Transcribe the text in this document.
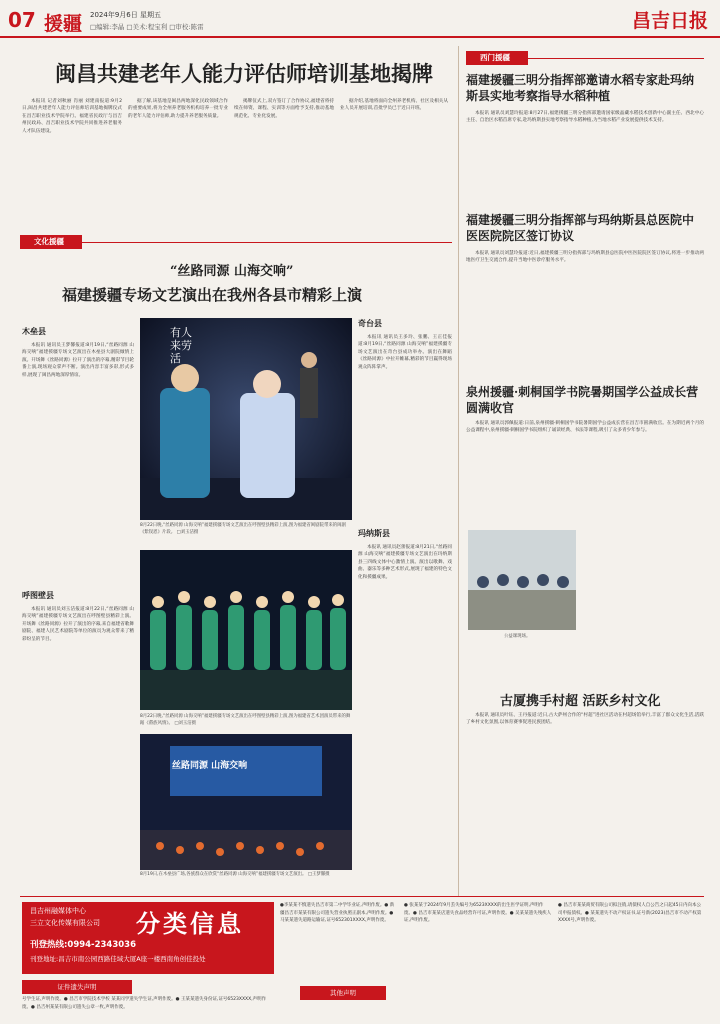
07 援疆 2024年9月6日 星期五
□编辑:李晶 □美术:程宝利 □审校:陈雷	昌吉日报
闽昌共建老年人能力评估师培训基地揭牌
本报讯 记者刘秋丽 肖丽 刘建南报道:9月2日,闽昌共建老年人能力评估师培训基地揭牌仪式在昌吉职业技术学院举行。福建省民政厅与昌吉州民政局、昌吉职业技术学院共同推进养老服务人才队伍建设。
据了解,该基地是闽昌两地深化民政领域合作的重要成果,将为全州养老服务机构培养一批专业的老年人能力评估师,助力提升养老服务质量。
揭牌仪式上,双方签订了合作协议,福建省将持续在师资、课程、实训等方面给予支持,推动基地规范化、专业化发展。
据介绍,基地将面向全州养老机构、社区及相关从业人员开展培训,首批学员已于近日开班。
文化援疆
“丝路同源 山海交响”
福建援疆专场文艺演出在我州各县市精彩上演
木垒县
本报讯 通讯员王梦馨报道:8月19日,“丝路同源 山海交响”福建援疆专场文艺演出在木垒县大剧院倾情上演。开场舞《丝路同源》拉开了演出的序幕,精彩节目轮番上演,现场观众掌声不断。演出内容丰富多彩,形式多样,展现了闽昌两地深厚情谊。
呼图壁县
本报讯 通讯员刘玉洁报道:8月22日,“丝路同源 山海交响”福建援疆专场文艺演出在呼图壁县精彩上演。开场舞《丝路同源》拉开了演出的序幕,来自福建省歌舞剧院、福建人民艺术剧院等单位的演员为观众带来了精彩纷呈的节目。
有人来劳活
8月22日晚,“丝路同源 山海交响”福建援疆专场文艺演出在呼图壁县精彩上演,图为福建省闽剧院带来的闽剧《紫钗恩》片段。 □刘玉洁摄
8月22日晚,“丝路同源 山海交响”福建援疆专场文艺演出在呼图壁县精彩上演,图为福建省艺术团演员带来的舞蹈《畲族风情》。 □刘玉洁摄
丝路同源 山海交响
8月19日,在木垒县广场,各族群众在欣赏“丝路同源 山海交响”福建援疆专场文艺演出。 □王梦馨摄
奇台县
本报讯 通讯员王多玲、张鹏、王正佳报道:8月19日,“丝路同源 山海交响”福建援疆专场文艺演出在奇台县成功举办。演出在舞蹈《丝路同源》中拉开帷幕,精彩的节目赢得现场观众阵阵掌声。
玛纳斯县
本报讯 通讯员赵蕾报道:8月21日,“丝路同源 山海交响”福建援疆专场文艺演出在玛纳斯县三四线文体中心激情上演。演出以歌舞、戏曲、器乐等多种艺术形式,展现了福建的特色文化和援疆成果。
西门援疆
福建援疆三明分指挥部邀请水稻专家赴玛纳斯县实地考察指导水稻种植
本报讯 通讯员刘慧玲报道:8月27日,福建援疆三明分指挥部邀请国家级晶藏水稻技术创新中心副主任、西北中心主任、自治区水稻首席专家,赴玛纳斯县实地考察指导水稻种植,为当地水稻产业发展提供技术支持。
福建援疆三明分指挥部与玛纳斯县总医院中医医院院区签订协议
本报讯 通讯员刘慧玲报道:近日,福建援疆三明分指挥部与玛纳斯县总医院中医医院院区签订协议,将进一步推动两地医疗卫生交流合作,提升当地中医诊疗服务水平。
泉州援疆·刺桐国学书院暑期国学公益成长营圆满收官
本报讯 通讯员郭佩报道:日前,泉州援疆·刺桐国学书院暑期国学公益成长营在昌吉市圆满收官。在为期近两个月的公益课程中,泉州援疆·刺桐国学书院组织了诵读经典、书法等课程,吸引了众多青少年参与。
公益课现场。
古厦携手村超 活跃乡村文化
本报讯 通讯员叶钰、王丹报道:近日,古大萨州合作的“村超”进社区活动在村超场馆举行,丰富了群众文化生活,活跃了乡村文化氛围,以体育赛事促进民族团结。
昌吉州融媒体中心
三立文化传媒有限公司 分类信息
刊登热线:0994-2343036
刊登地址:昌吉市南公园西路佳域大厦A座一楼西南角创佳投处
证件遗失声明
号学生证,声明作废。● 昌吉市学院技术学校 某某同学遗失学生证,声明作废。● 王某某遗失身份证,证号6523XXXX,声明作废。● 昌吉州某某有限公司遗失公章一枚,声明作废。
●李某某不慎遗失昌吉市第二中学毕业证,声明作废。● 新疆昌吉市某某有限公司遗失营业执照正副本,声明作废。● 马某某遗失道路运输证,证号652301XXXX,声明作废。
其他声明
● 张某某于2024年9月丢失编号为6523XXXX的出生医学证明,声明作废。● 昌吉市某某店遗失食品经营许可证,声明作废。● 吴某某遗失残疾人证,声明作废。
● 昌吉市某某商贸有限公司拟注销,请债权人自公告之日起45日内向本公司申报债权。● 某某遗失不动产权证书,证号新(2023)昌吉市不动产权第XXXX号,声明作废。
